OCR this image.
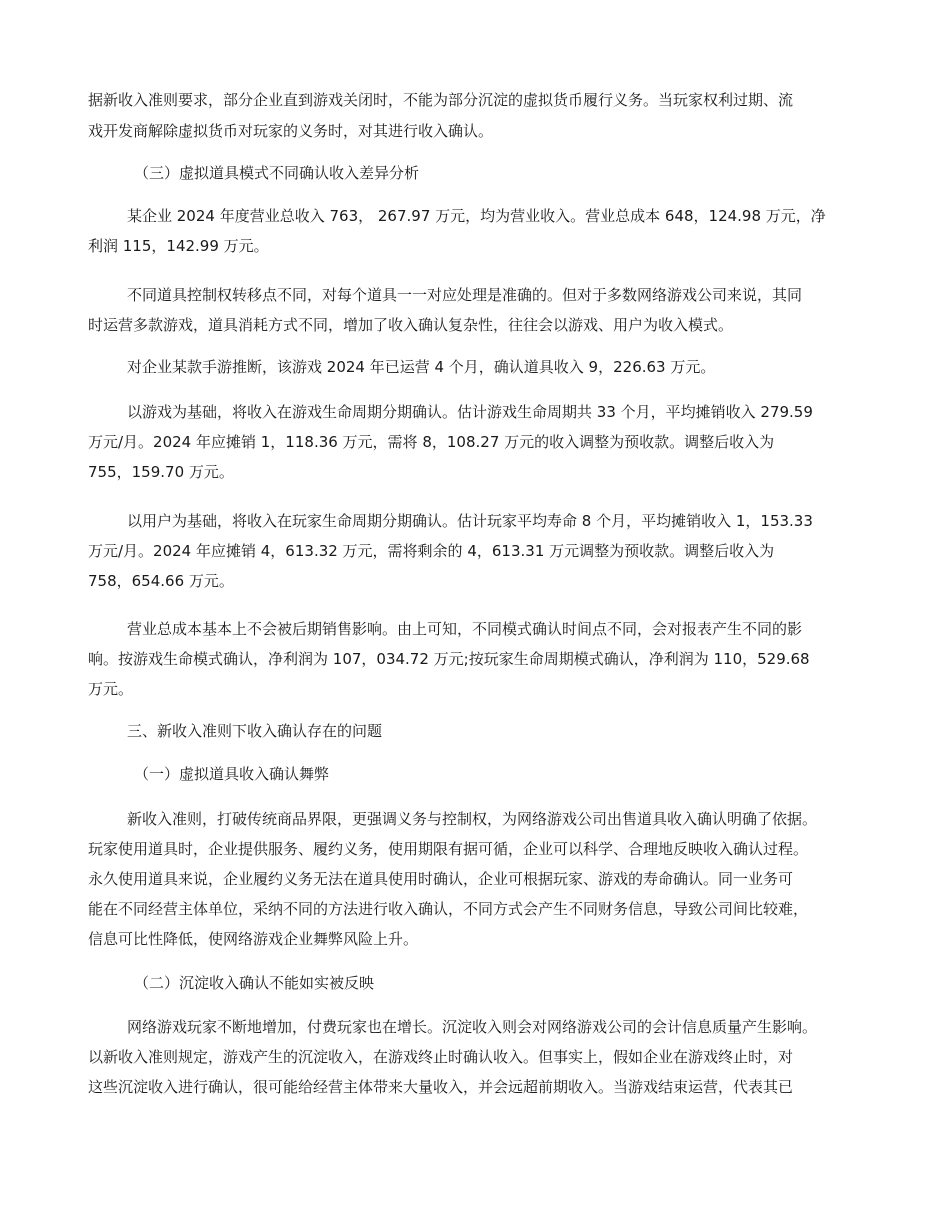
据新收入准则要求，部分企业直到游戏关闭时，不能为部分沉淀的虚拟货币履行义务。当玩家权利过期、流
戏开发商解除虚拟货币对玩家的义务时，对其进行收入确认。
（三）虚拟道具模式不同确认收入差异分析
某企业 2024 年度营业总收入 763， 267.97 万元，均为营业收入。营业总成本 648，124.98 万元，净
利润 115，142.99 万元。
不同道具控制权转移点不同，对每个道具一一对应处理是准确的。但对于多数网络游戏公司来说，其同
时运营多款游戏，道具消耗方式不同，增加了收入确认复杂性，往往会以游戏、用户为收入模式。
对企业某款手游推断，该游戏 2024 年已运营 4 个月，确认道具收入 9，226.63 万元。
以游戏为基础，将收入在游戏生命周期分期确认。估计游戏生命周期共 33 个月，平均摊销收入 279.59
万元/月。2024 年应摊销 1，118.36 万元，需将 8，108.27 万元的收入调整为预收款。调整后收入为
755，159.70 万元。
以用户为基础，将收入在玩家生命周期分期确认。估计玩家平均寿命 8 个月，平均摊销收入 1，153.33
万元/月。2024 年应摊销 4，613.32 万元，需将剩余的 4，613.31 万元调整为预收款。调整后收入为
758，654.66 万元。
营业总成本基本上不会被后期销售影响。由上可知，不同模式确认时间点不同，会对报表产生不同的影
响。按游戏生命模式确认，净利润为 107，034.72 万元;按玩家生命周期模式确认，净利润为 110，529.68
万元。
三、新收入准则下收入确认存在的问题
（一）虚拟道具收入确认舞弊
新收入准则，打破传统商品界限，更强调义务与控制权，为网络游戏公司出售道具收入确认明确了依据。
玩家使用道具时，企业提供服务、履约义务，使用期限有据可循，企业可以科学、合理地反映收入确认过程。
永久使用道具来说，企业履约义务无法在道具使用时确认，企业可根据玩家、游戏的寿命确认。同一业务可
能在不同经营主体单位，采纳不同的方法进行收入确认，不同方式会产生不同财务信息，导致公司间比较难，
信息可比性降低，使网络游戏企业舞弊风险上升。
（二）沉淀收入确认不能如实被反映
网络游戏玩家不断地增加，付费玩家也在增长。沉淀收入则会对网络游戏公司的会计信息质量产生影响。
以新收入准则规定，游戏产生的沉淀收入，在游戏终止时确认收入。但事实上，假如企业在游戏终止时，对
这些沉淀收入进行确认，很可能给经营主体带来大量收入，并会远超前期收入。当游戏结束运营，代表其已
